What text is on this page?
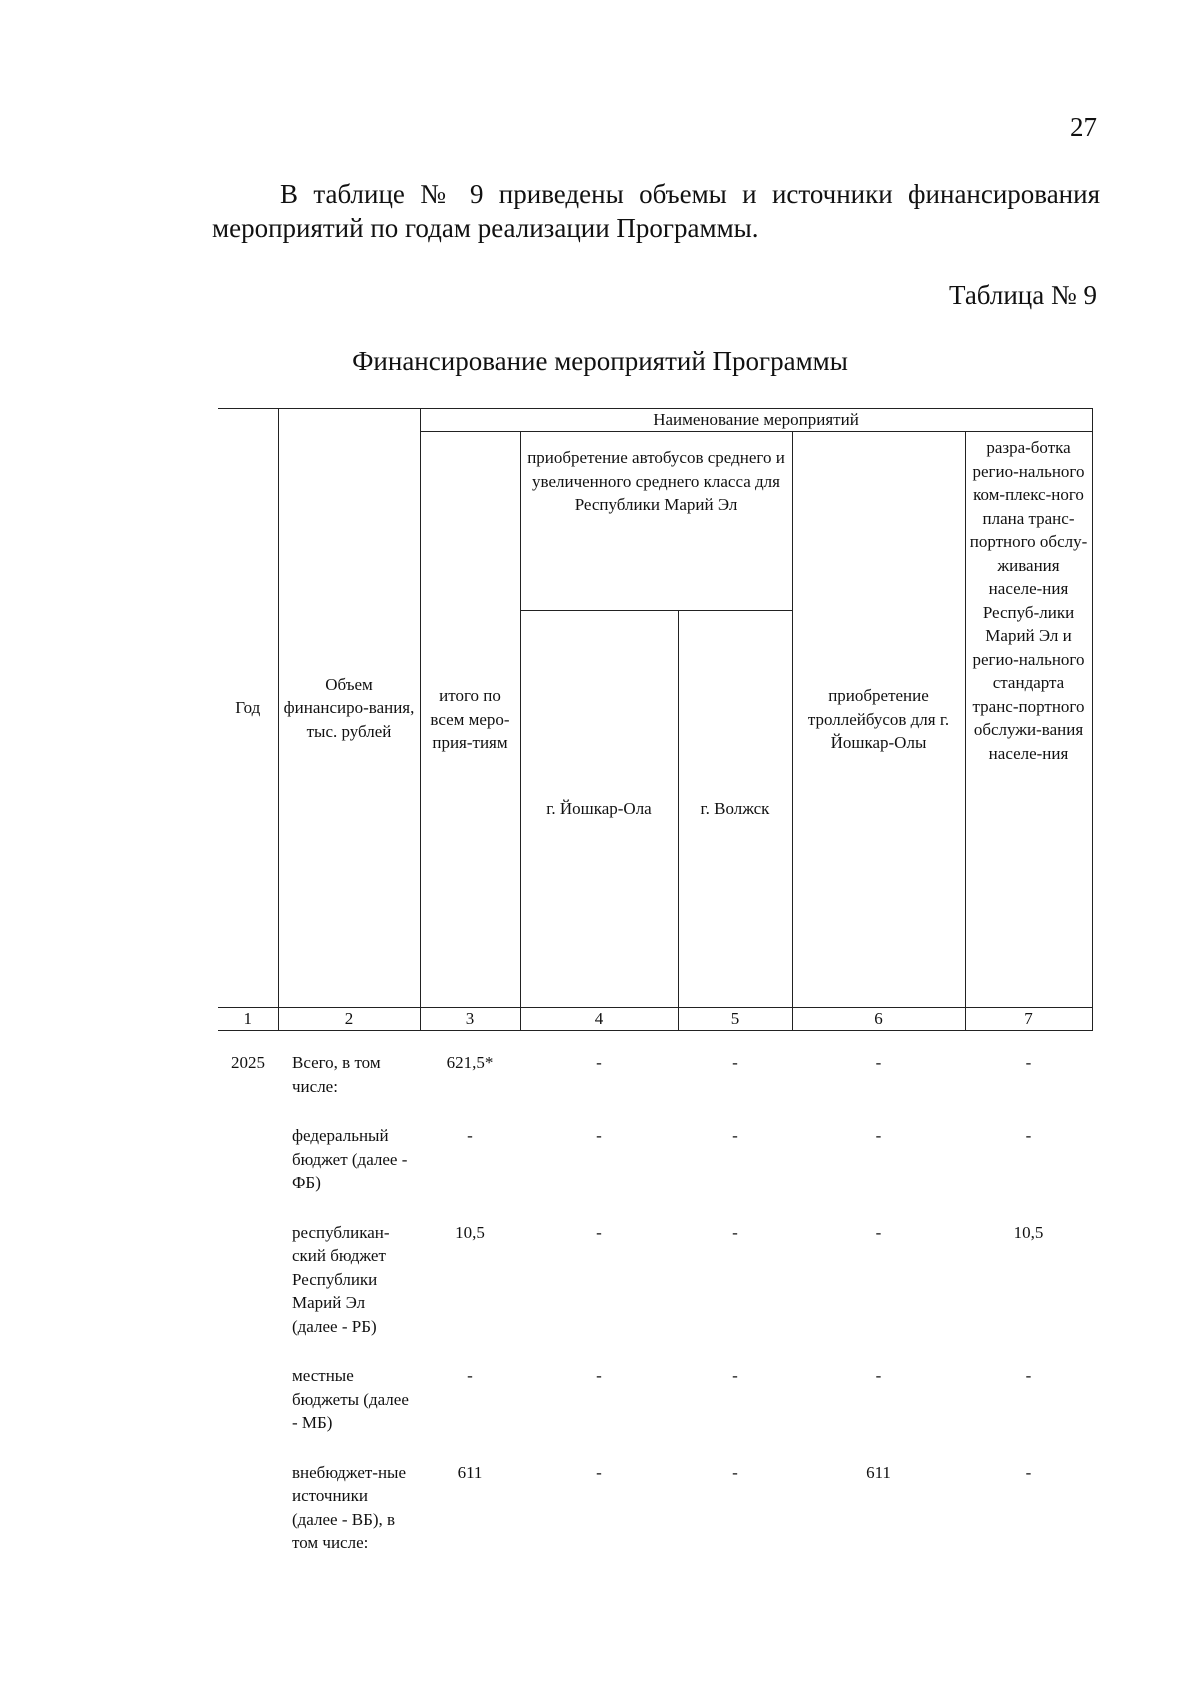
27

В таблице № 9 приведены объемы и источники финансирования мероприятий по годам реализации Программы.

Таблица № 9
Финансирование мероприятий Программы
Год	Объем финансиро-вания, тыс. рублей	Наименование мероприятий				
		итого по всем меро-прия-тиям	приобретение автобусов среднего и увеличенного среднего класса для Республики Марий Эл		приобретение троллейбусов для г. Йошкар-Олы	разра-ботка регио-нального ком-плекс-ного плана транс-портного обслу-живания населе-ния Респуб-лики Марий Эл и регио-нального стандарта транс-портного обслужи-вания населе-ния
			г. Йошкар-Ола	г. Волжск		
1	2	3	4	5	6	7
2025	Всего, в том числе:	621,5*	-	-	-	-
	федеральный бюджет (далее - ФБ)	-	-	-	-	-
	республикан-ский бюджет Республики Марий Эл (далее - РБ)	10,5	-	-	-	10,5
	местные бюджеты (далее - МБ)	-	-	-	-	-
	внебюджет-ные источники (далее - ВБ), в том числе:	611	-	-	611	-
